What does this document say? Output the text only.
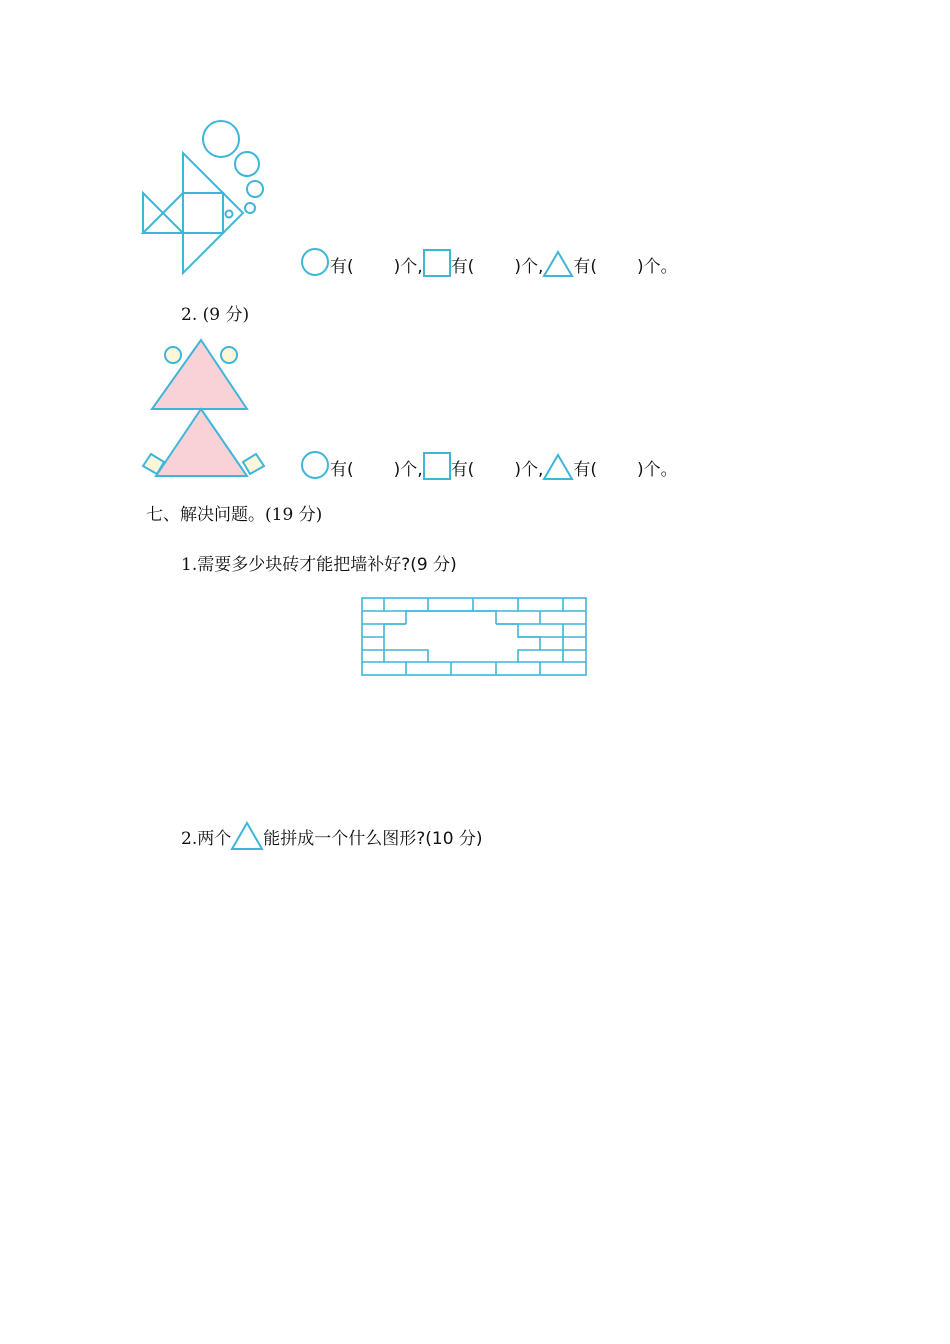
有( )个, 有( )个, 有( )个。
2. (9 分)
有( )个, 有( )个, 有( )个。
七、解决问题。(19 分)
1.需要多少块砖才能把墙补好?(9 分)
2. 两个 能拼成一个什么图形?(10 分)
